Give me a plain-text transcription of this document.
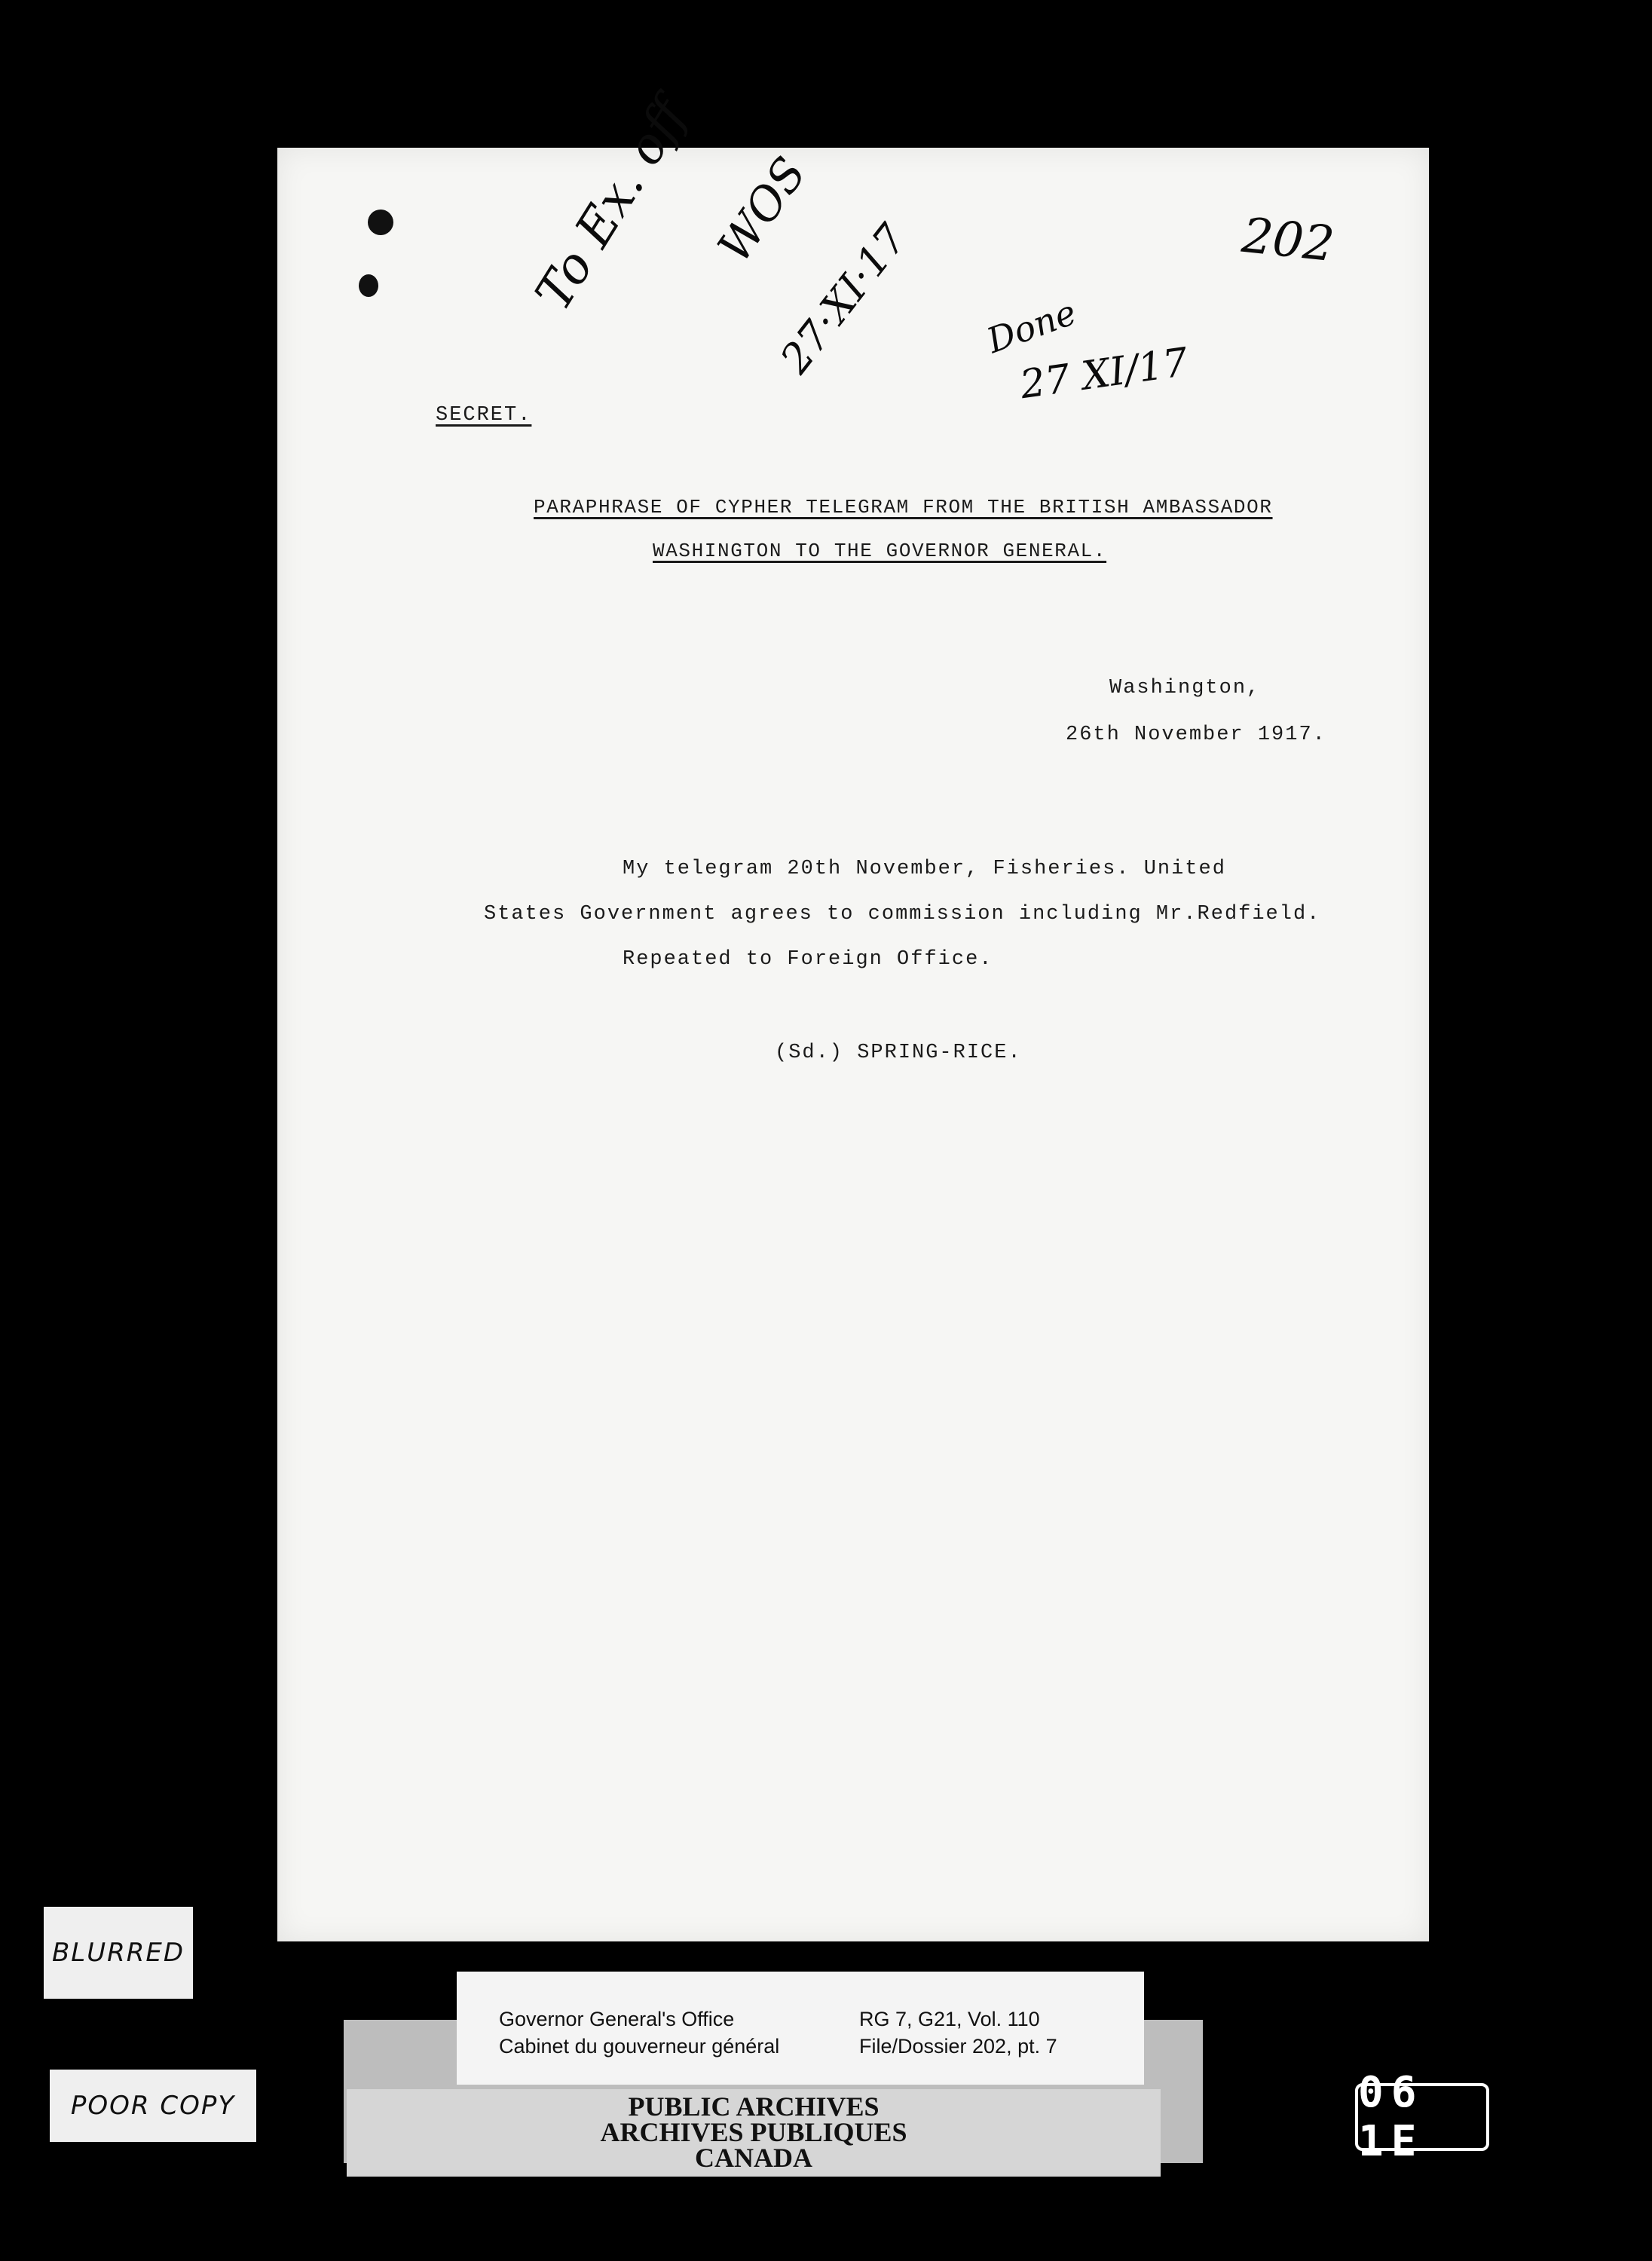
202
To Ex. off WOS
27·XI·17 Done
27 XI/17
SECRET.
PARAPHRASE OF CYPHER TELEGRAM FROM THE BRITISH AMBASSADOR
WASHINGTON TO THE GOVERNOR GENERAL.
Washington,
26th November 1917.
My telegram 20th November, Fisheries. United
States Government agrees to commission including Mr.Redfield.
Repeated to Foreign Office.
(Sd.) SPRING-RICE.
BLURRED
POOR COPY
Governor General's Office
Cabinet du gouverneur général
RG 7, G21, Vol. 110
File/Dossier 202, pt. 7
PUBLIC ARCHIVES
ARCHIVES PUBLIQUES
CANADA
06 1E
